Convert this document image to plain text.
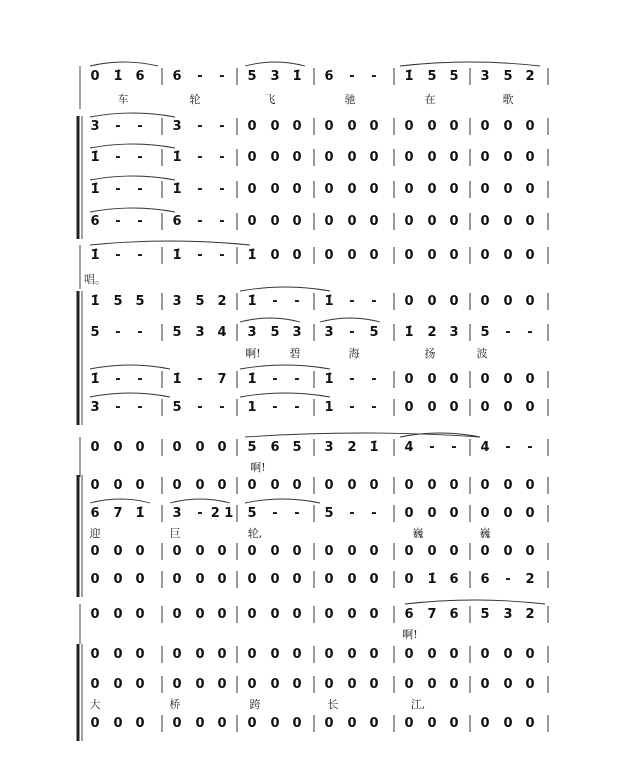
0 1̇ 6 6 - - 5 3 1̇ 6 - - 1̇ 5 5 3 5 2
车	轮	飞	驰	在	歌
3 - - 3 - - 0 0 0 0 0 0 0 0 0 0 0 0
1̇ - - 1̇ - - 0 0 0 0 0 0 0 0 0 0 0 0
1̇ - - 1̇ - - 0 0 0 0 0 0 0 0 0 0 0 0
6 - - 6 - - 0 0 0 0 0 0 0 0 0 0 0 0
1̇ - - 1̇ - - 1̇ 0 0 0 0 0 0 0 0 0 0 0
唱。
1̇ 5 5 3 5 2 1̇ - - 1̇ - - 0 0 0 0 0 0
5 - - 5 3 4 3 5 3 3 - 5 1̇ 2 3 5 - -
啊!	碧	海	扬	波
1̇ - - 1̇ - 7 1̇ - - 1̇ - - 0 0 0 0 0 0
3 - - 5 - - 1 - - 1 - - 0 0 0 0 0 0
0 0 0 0 0 0 5 6 5 3 2 1̇ 4 - - 4 - -
啊!
0 0 0 0 0 0 0 0 0 0 0 0 0 0 0 0 0 0
6 7 1̇ 3 - 2 1 5 - - 5 - - 0 0 0 0 0 0
迎	巨	轮,	巍	巍
0 0 0 0 0 0 0 0 0 0 0 0 0 0 0 0 0 0
0 0 0 0 0 0 0 0 0 0 0 0 0 1̇ 6 6 - 2
0 0 0 0 0 0 0 0 0 0 0 0 6 7 6 5 3 2
啊!
0 0 0 0 0 0 0 0 0 0 0 0 0 0 0 0 0 0
0 0 0 0 0 0 0 0 0 0 0 0 0 0 0 0 0 0
大	桥	跨	长	江,
0 0 0 0 0 0 0 0 0 0 0 0 0 0 0 0 0 0
